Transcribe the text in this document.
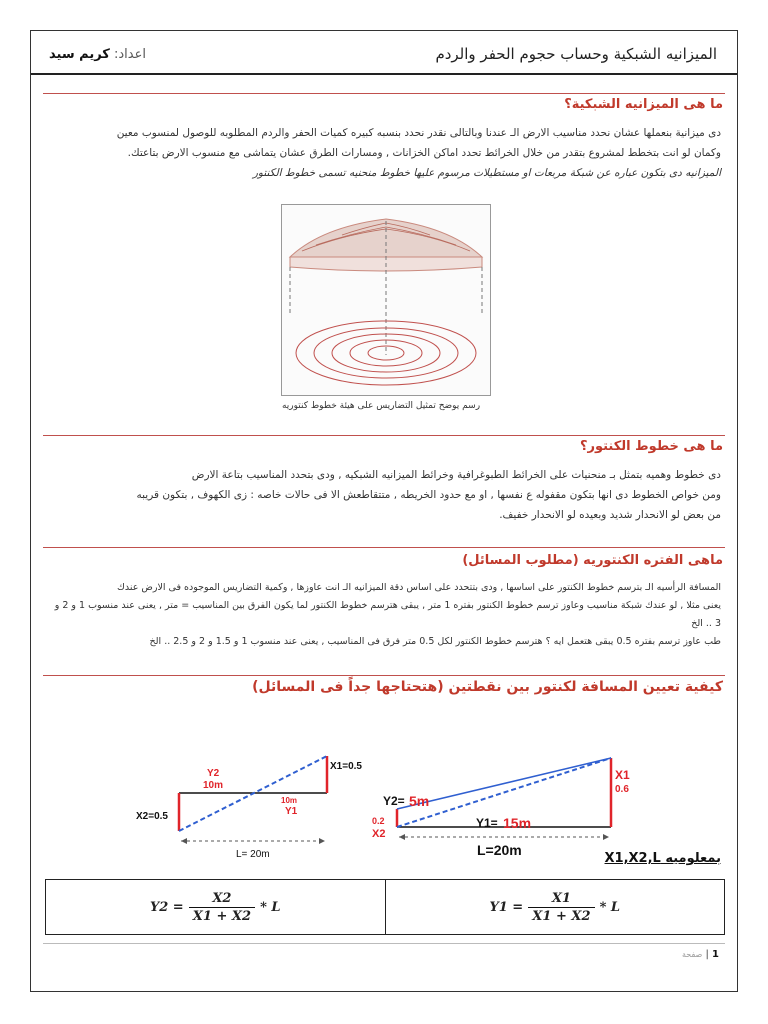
الميزانيه الشبكية وحساب حجوم الحفر والردم
اعداد: كريم سيد
ما هى الميزانيه الشبكية؟

دى ميزانية بنعملها عشان نحدد مناسيب الارض الـ عندنا وبالتالى نقدر نحدد بنسبه كبيره كميات الحفر والردم المطلوبه للوصول لمنسوب معين

وكمان لو انت بتخطط لمشروع بتقدر من خلال الخرائط تحدد اماكن الخزانات , ومسارات الطرق عشان يتماشى مع منسوب الارض بتاعتك.

الميزانيه دى بتكون عباره عن شبكة مربعات او مستطيلات مرسوم عليها خطوط منحنيه تسمى خطوط الكنتور

رسم يوضح تمثيل التضاريس على هيئة خطوط كنتوريه
ما هى خطوط الكنتور؟

دى خطوط وهميه بتمثل بـ منحنيات على الخرائط الطبوغرافية وخرائط الميزانيه الشبكيه , ودى بتحدد المناسيب بتاعة الارض

ومن خواص الخطوط دى انها بتكون مقفوله ع نفسها , او مع حدود الخريطه , متتقاطعش الا فى حالات خاصه : زى الكهوف , بتكون قريبه

من بعض لو الانحدار شديد وبعيده لو الانحدار خفيف.

ماهى الفتره الكنتوريه (مطلوب المسائل)

المسافة الرأسيه الـ بترسم خطوط الكنتور على اساسها , ودى بتتحدد على اساس دقة الميزانيه الـ انت عاوزها , وكمية التضاريس الموجوده فى الارض عندك

يعنى مثلا , لو عندك شبكة مناسيب وعاوز ترسم خطوط الكنتور بفتره 1 متر , يبقى هترسم خطوط الكنتور لما يكون الفرق بين المناسيب = متر , يعنى عند منسوب 1 و 2 و 3 .. الخ

طب عاوز ترسم بفتره 0.5 يبقى هتعمل ايه ؟ هترسم خطوط الكنتور لكل 0.5 متر فرق فى المناسيب , يعنى عند منسوب 1 و 1.5 و 2 و 2.5 .. الخ

كيفية تعيين المسافة لكنتور بين نقطتين (هتحتاجها جداً فى المسائل)
X1=0.5
X2=0.5
Y2
10m
10m
Y1
L= 20m
X1
0.6
0.2
X2
Y2= 5m
Y1= 15m
L=20m
بمعلوميه X1,X2,L
$Y2 = \frac{X2}{X1 + X2} * L$	$Y1 = \frac{X1}{X1 + X2} * L$
1 | صفحة
